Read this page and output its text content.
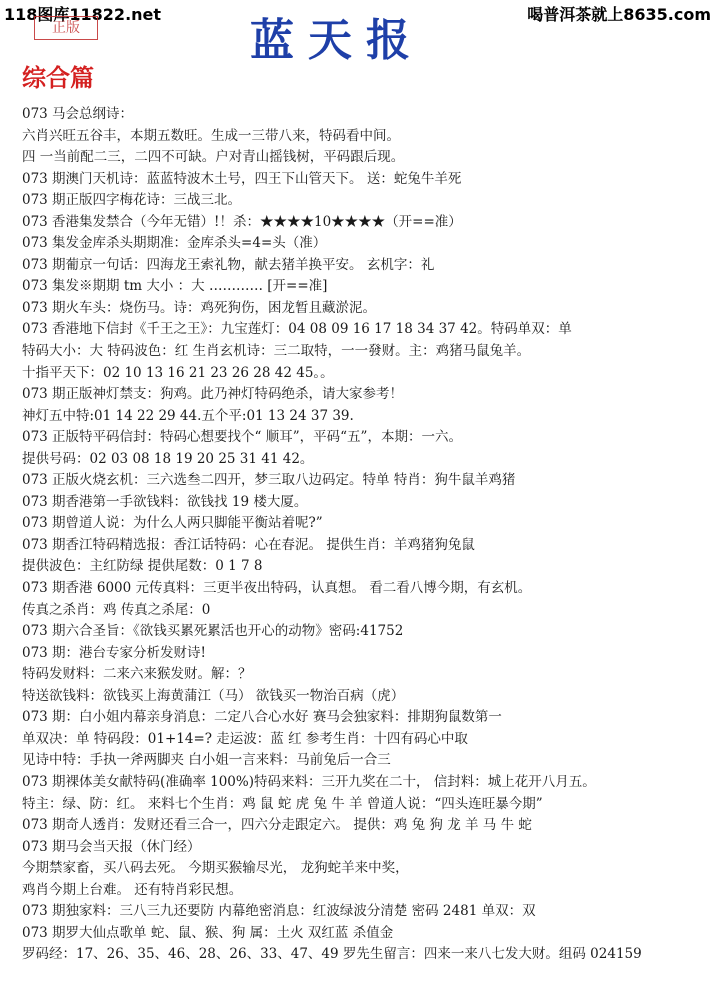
118图库11822.net	喝普洱茶就上8635.com
正版	蓝天报
综合篇
073 马会总纲诗：
六肖兴旺五谷丰，本期五数旺。生成一三带八来，特码看中间。
四 一当前配二三，二四不可缺。户对青山摇钱树，平码跟后现。
073 期澳门天机诗：蓝蓝特波木土号，四王下山管天下。 送：蛇兔牛羊死
073 期正版四字梅花诗：三战三北。
073 香港集发禁合（今年无错）!！杀：★★★★10★★★★（开==准）
073 集发金库杀头期期准：金库杀头=4=头（准）
073 期葡京一句话：四海龙王索礼物，献去猪羊换平安。 玄机字：礼
073 集发※期期 tm 大小 ：大 ………… [开==准]
073 期火车头：烧伤马。诗：鸡死狗伤，困龙暂且藏淤泥。
073 香港地下信封《千王之王》：九宝莲灯：04 08 09 16 17 18 34 37 42。特码单双：单
特码大小：大 特码波色：红 生肖玄机诗：三二取特，一一發财。主：鸡猪马鼠兔羊。
十指平天下：02 10 13 16 21 23 26 28 42 45。。
073 期正版神灯禁支：狗鸡。此乃神灯特码绝杀，请大家参考！
神灯五中特:01 14 22 29 44.五个平:01 13 24 37 39.
073 正版特平码信封：特码心想要找个“ 顺耳”，平码“五”，本期：一六。
提供号码：02 03 08 18 19 20 25 31 41 42。
073 正版火烧玄机：三六选叁二四开，梦三取八边码定。特单 特肖：狗牛鼠羊鸡猪
073 期香港第一手欲钱料：欲钱找 19 楼大厦。
073 期曾道人说：为什么人两只脚能平衡站着呢?”
073 期香江特码精选报：香江话特码：心在春泥。 提供生肖：羊鸡猪狗兔鼠
提供波色：主红防绿 提供尾数：0 1 7 8
073 期香港 6000 元传真料：三更半夜出特码，认真想。 看二看八博今期，有玄机。
传真之杀肖：鸡 传真之杀尾：0
073 期六合圣旨：《欲钱买累死累活也开心的动物》密码:41752
073 期：港台专家分析发财诗!
特码发财料：二来六来猴发财。解：？
特送欲钱料：欲钱买上海黄蒲江（马） 欲钱买一物治百病（虎）
073 期：白小姐内幕亲身消息：二定八合心水好 赛马会独家料：排期狗鼠数第一
单双决：单 特码段：01+14=? 走运波：蓝 红 参考生肖：十四有码心中取
见诗中特：手执一斧两脚夹 白小姐一言来料：马前兔后一合三
073 期裸体美女献特码(准确率 100%)特码来料：三开九奖在二十， 信封料：城上花开八月五。
特主：绿、防：红。 来料七个生肖：鸡 鼠 蛇 虎 兔 牛 羊 曾道人说：“四头连旺暴今期”
073 期奇人透肖：发财还看三合一，四六分走跟定六。 提供：鸡 兔 狗 龙 羊 马 牛 蛇
073 期马会当天报（休门经）
今期禁家畜，买八码去死。 今期买猴输尽光， 龙狗蛇羊来中奖，
鸡肖今期上台难。 还有特肖彩民想。
073 期独家料：三八三九还要防 内幕绝密消息：红波绿波分清楚 密码 2481 单双：双
073 期罗大仙点歌单 蛇、鼠、猴、狗 属：土火 双红蓝 杀值金
罗码经：17、26、35、46、28、26、33、47、49 罗先生留言：四来一来八七发大财。组码 024159
